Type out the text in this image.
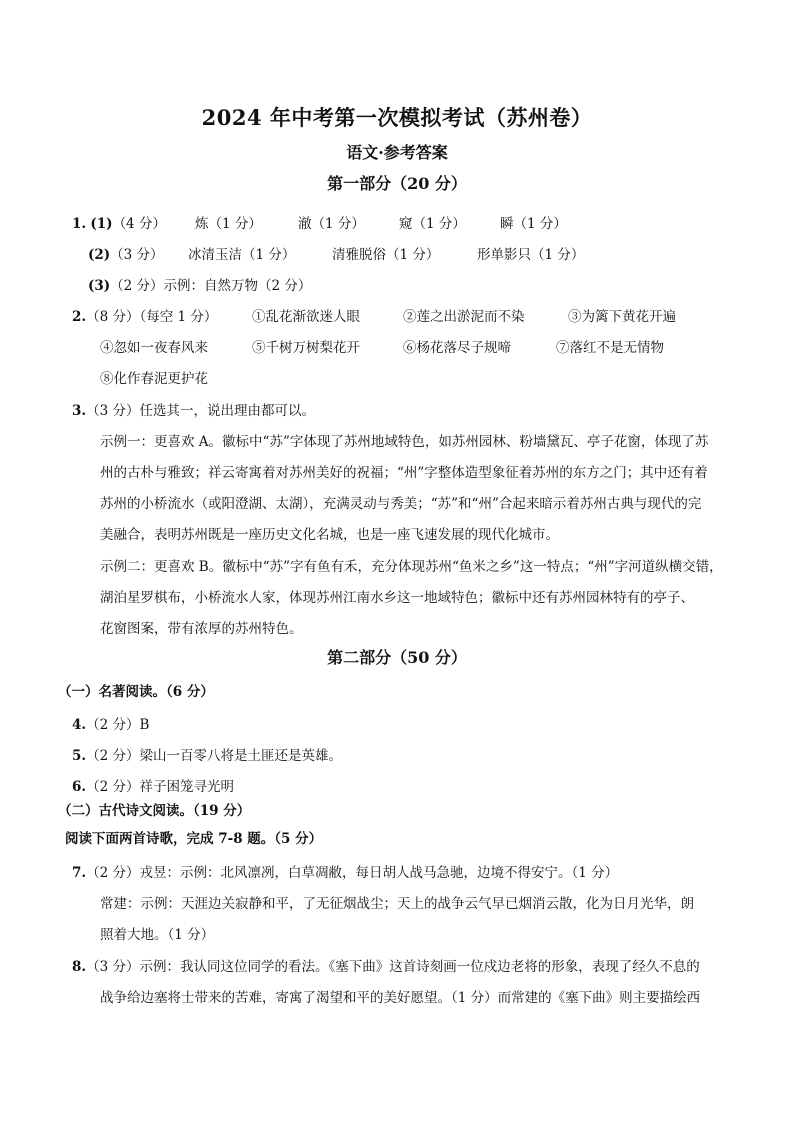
2024 年中考第一次模拟考试（苏州卷）
语文·参考答案
第一部分（20 分）
1. (1)（4 分） 炼（1 分）	澈（1 分）	窥（1 分）	瞬（1 分）
(2)（3 分） 冰清玉洁（1 分）	清雅脱俗（1 分）	形单影只（1 分）
(3)（2 分）示例：自然万物（2 分）
2.（8 分）（每空 1 分）	①乱花渐欲迷人眼	②莲之出淤泥而不染	③为篱下黄花开遍
④忽如一夜春风来	⑤千树万树梨花开	⑥杨花落尽子规啼	⑦落红不是无情物
⑧化作春泥更护花
3.（3 分）任选其一，说出理由都可以。
示例一：更喜欢 A。徽标中“苏”字体现了苏州地域特色，如苏州园林、粉墙黛瓦、亭子花窗，体现了苏
州的古朴与雅致；祥云寄寓着对苏州美好的祝福；“州”字整体造型象征着苏州的东方之门；其中还有着
苏州的小桥流水（或阳澄湖、太湖），充满灵动与秀美；“苏”和“州”合起来暗示着苏州古典与现代的完
美融合，表明苏州既是一座历史文化名城，也是一座飞速发展的现代化城市。
示例二：更喜欢 B。徽标中“苏”字有鱼有禾，充分体现苏州“鱼米之乡”这一特点；“州”字河道纵横交错，
湖泊星罗棋布，小桥流水人家，体现苏州江南水乡这一地域特色；徽标中还有苏州园林特有的亭子、
花窗图案，带有浓厚的苏州特色。
第二部分（50 分）
（一）名著阅读。（6 分）
4.（2 分）B
5.（2 分）梁山一百零八将是土匪还是英雄。
6.（2 分）祥子困笼寻光明
（二）古代诗文阅读。（19 分）
阅读下面两首诗歌，完成 7-8 题。（5 分）
7.（2 分）戎昱：示例：北风凛冽，白草凋敝，每日胡人战马急驰，边境不得安宁。（1 分）
常建：示例：天涯边关寂静和平，了无征烟战尘；天上的战争云气早已烟消云散，化为日月光华，朗
照着大地。（1 分）
8.（3 分）示例：我认同这位同学的看法。《塞下曲》这首诗刻画一位戍边老将的形象，表现了经久不息的
战争给边塞将士带来的苦难，寄寓了渴望和平的美好愿望。（1 分）而常建的《塞下曲》则主要描绘西
